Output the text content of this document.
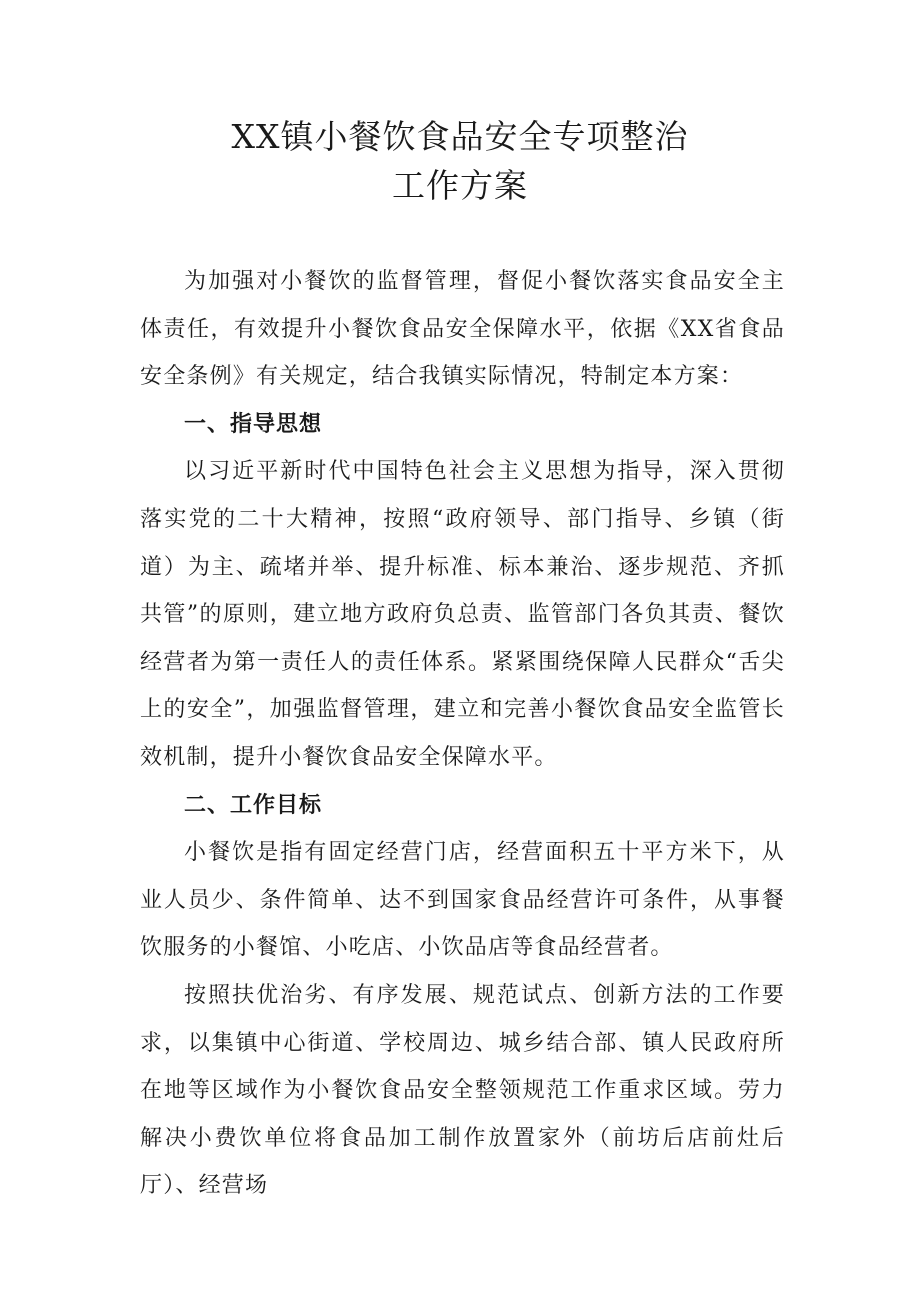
XX镇小餐饮食品安全专项整治
工作方案

为加强对小餐饮的监督管理，督促小餐饮落实食品安全主体责任，有效提升小餐饮食品安全保障水平，依据《XX省食品安全条例》有关规定，结合我镇实际情况，特制定本方案：

一、指导思想

以习近平新时代中国特色社会主义思想为指导，深入贯彻落实党的二十大精神，按照“政府领导、部门指导、乡镇（街道）为主、疏堵并举、提升标准、标本兼治、逐步规范、齐抓共管”的原则，建立地方政府负总责、监管部门各负其责、餐饮经营者为第一责任人的责任体系。紧紧围绕保障人民群众“舌尖上的安全”，加强监督管理，建立和完善小餐饮食品安全监管长效机制，提升小餐饮食品安全保障水平。

二、工作目标

小餐饮是指有固定经营门店，经营面积五十平方米下，从业人员少、条件简单、达不到国家食品经营许可条件，从事餐饮服务的小餐馆、小吃店、小饮品店等食品经营者。

按照扶优治劣、有序发展、规范试点、创新方法的工作要求，以集镇中心街道、学校周边、城乡结合部、镇人民政府所在地等区域作为小餐饮食品安全整领规范工作重求区域。劳力解决小费饮单位将食品加工制作放置家外（前坊后店前灶后厅）、经营场
